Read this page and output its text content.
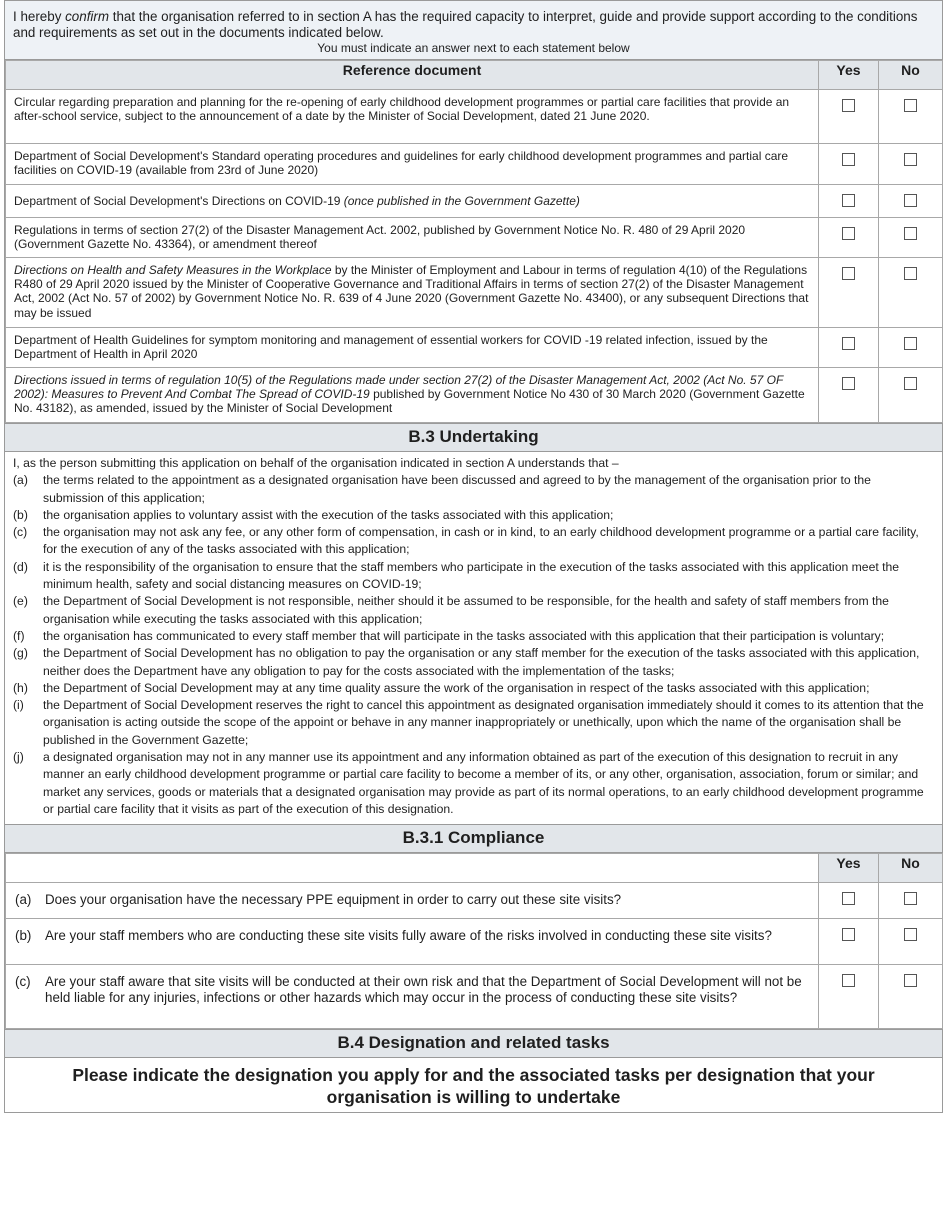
I hereby confirm that the organisation referred to in section A has the required capacity to interpret, guide and provide support according to the conditions and requirements as set out in the documents indicated below.
You must indicate an answer next to each statement below
Reference document	Yes	No
Circular regarding preparation and planning for the re-opening of early childhood development programmes or partial care facilities that provide an after-school service, subject to the announcement of a date by the Minister of Social Development, dated 21 June 2020.		
Department of Social Development's Standard operating procedures and guidelines for early childhood development programmes and partial care facilities on COVID-19 (available from 23rd of June 2020)		
Department of Social Development's Directions on COVID-19 (once published in the Government Gazette)		
Regulations in terms of section 27(2) of the Disaster Management Act. 2002, published by Government Notice No. R. 480 of 29 April 2020 (Government Gazette No. 43364), or amendment thereof		
Directions on Health and Safety Measures in the Workplace by the Minister of Employment and Labour in terms of regulation 4(10) of the Regulations R480 of 29 April 2020 issued by the Minister of Cooperative Governance and Traditional Affairs in terms of section 27(2) of the Disaster Management Act, 2002 (Act No. 57 of 2002) by Government Notice No. R. 639 of 4 June 2020 (Government Gazette No. 43400), or any subsequent Directions that may be issued		
Department of Health Guidelines for symptom monitoring and management of essential workers for COVID -19 related infection, issued by the Department of Health in April 2020		
Directions issued in terms of regulation 10(5) of the Regulations made under section 27(2) of the Disaster Management Act, 2002 (Act No. 57 OF 2002): Measures to Prevent And Combat The Spread of COVID-19 published by Government Notice No 430 of 30 March 2020 (Government Gazette No. 43182), as amended, issued by the Minister of Social Development		
B.3 Undertaking
I, as the person submitting this application on behalf of the organisation indicated in section A understands that –
(a)	the terms related to the appointment as a designated organisation have been discussed and agreed to by the management of the organisation prior to the submission of this application;
(b)	the organisation applies to voluntary assist with the execution of the tasks associated with this application;
(c)	the organisation may not ask any fee, or any other form of compensation, in cash or in kind, to an early childhood development programme or a partial care facility, for the execution of any of the tasks associated with this application;
(d)	it is the responsibility of the organisation to ensure that the staff members who participate in the execution of the tasks associated with this application meet the minimum health, safety and social distancing measures on COVID-19;
(e)	the Department of Social Development is not responsible, neither should it be assumed to be responsible, for the health and safety of staff members from the organisation while executing the tasks associated with this application;
(f)	the organisation has communicated to every staff member that will participate in the tasks associated with this application that their participation is voluntary;
(g)	the Department of Social Development has no obligation to pay the organisation or any staff member for the execution of the tasks associated with this application, neither does the Department have any obligation to pay for the costs associated with the implementation of the tasks;
(h)	the Department of Social Development may at any time quality assure the work of the organisation in respect of the tasks associated with this application;
(i)	the Department of Social Development reserves the right to cancel this appointment as designated organisation immediately should it comes to its attention that the organisation is acting outside the scope of the appoint or behave in any manner inappropriately or unethically, upon which the name of the organisation shall be published in the Government Gazette;
(j)	a designated organisation may not in any manner use its appointment and any information obtained as part of the execution of this designation to recruit in any manner an early childhood development programme or partial care facility to become a member of its, or any other, organisation, association, forum or similar; and market any services, goods or materials that a designated organisation may provide as part of its normal operations, to an early childhood development programme or partial care facility that it visits as part of the execution of this designation.
B.3.1 Compliance
	Yes	No

(a) Does your organisation have the necessary PPE equipment in order to carry out these site visits?		

(b) Are your staff members who are conducting these site visits fully aware of the risks involved in conducting these site visits?		

(c) Are your staff aware that site visits will be conducted at their own risk and that the Department of Social Development will not be held liable for any injuries, infections or other hazards which may occur in the process of conducting these site visits?		

B.4 Designation and related tasks
Please indicate the designation you apply for and the associated tasks per designation that your organisation is willing to undertake
